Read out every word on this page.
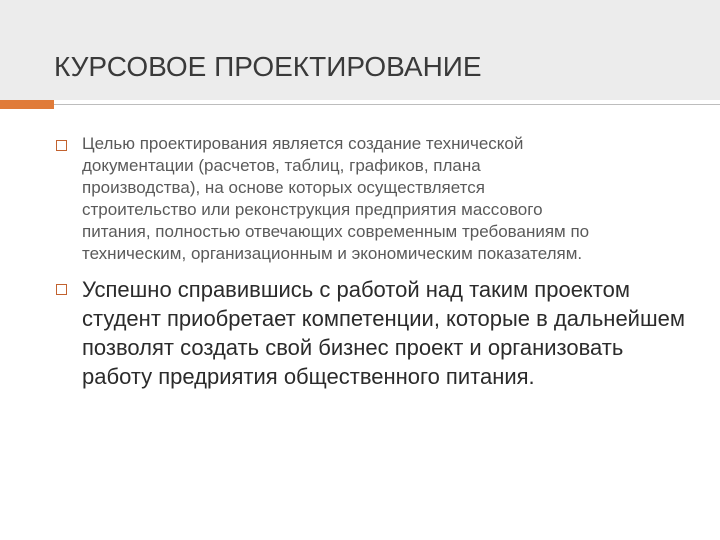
КУРСОВОЕ ПРОЕКТИРОВАНИЕ
Целью проектирования является создание технической документации (расчетов, таблиц, графиков, плана производства), на основе которых осуществляется строительство или реконструкция предприятия массового питания, полностью отвечающих современным требованиям по техническим, организационным и экономическим показателям.
Успешно справившись с работой над таким проектом студент приобретает компетенции, которые в дальнейшем позволят создать свой бизнес проект и организовать работу предриятия общественного питания.
